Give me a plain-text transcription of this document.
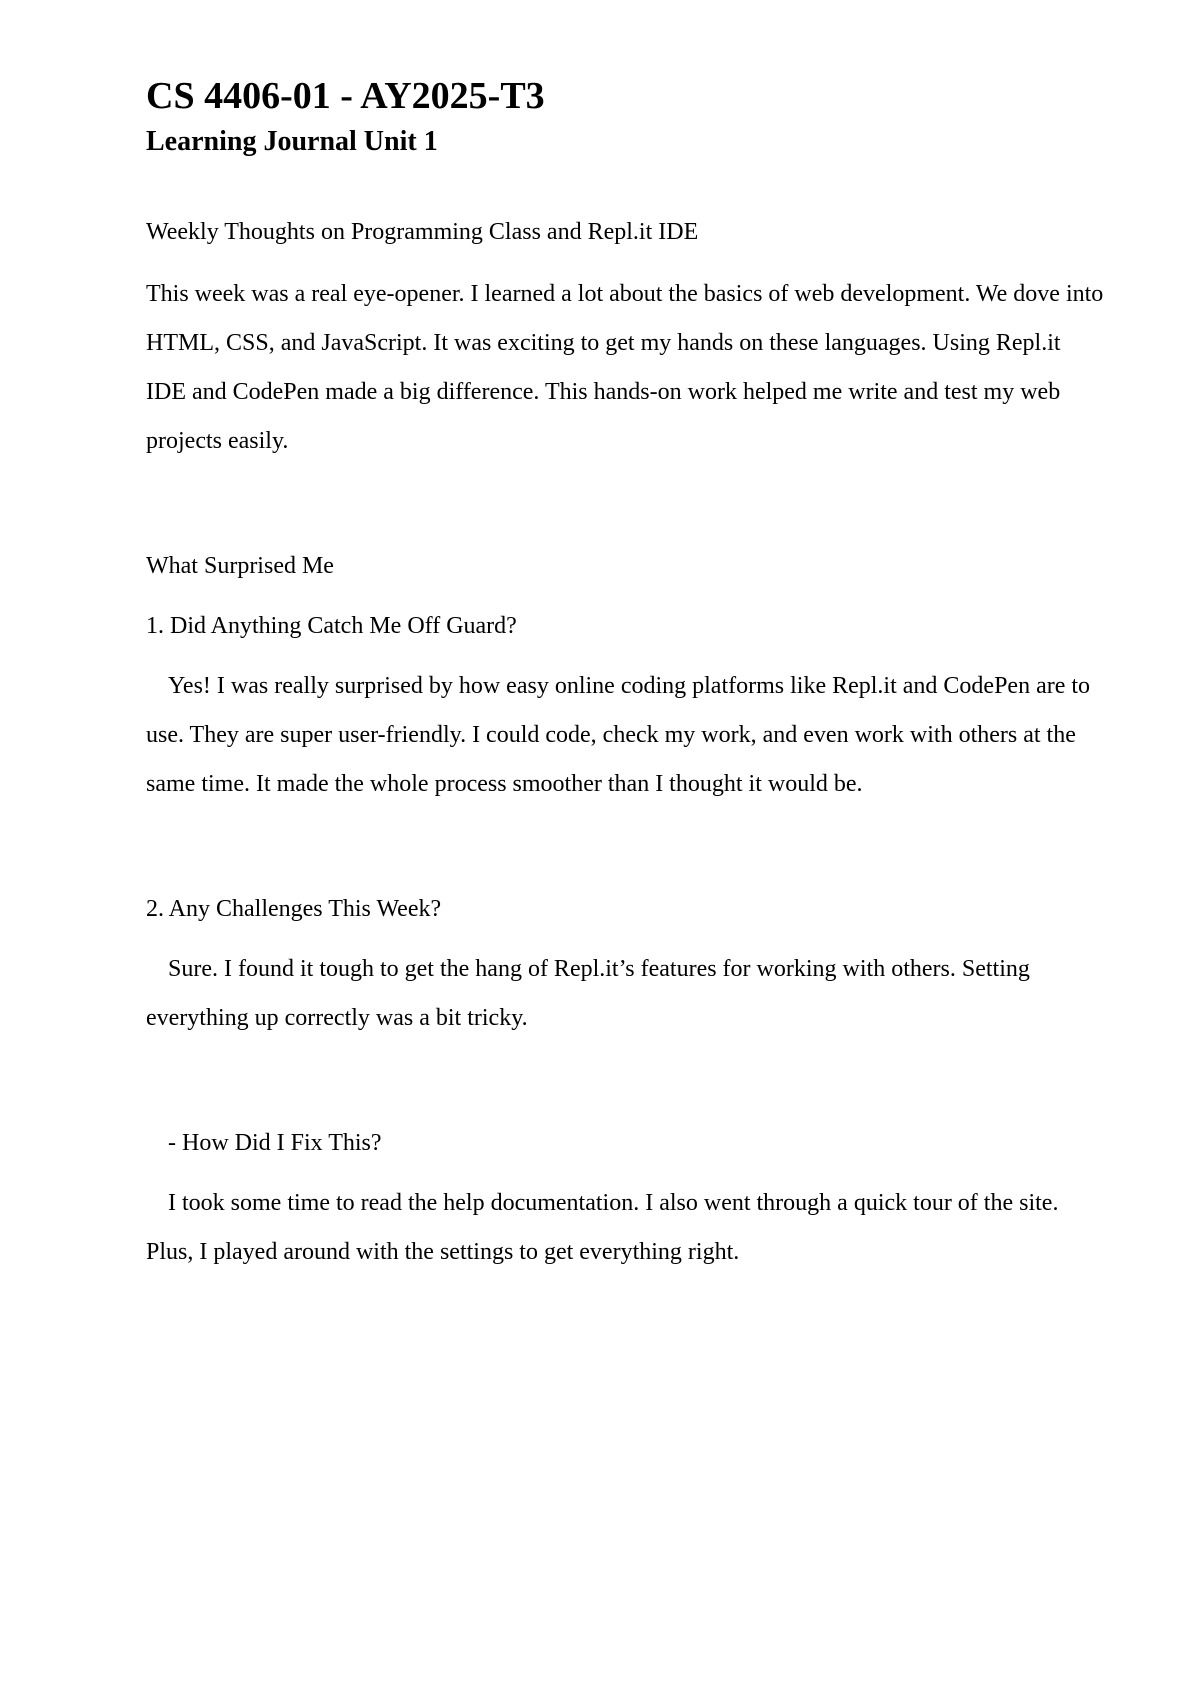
CS 4406-01 - AY2025-T3
Learning Journal Unit 1

Weekly Thoughts on Programming Class and Repl.it IDE

This week was a real eye-opener. I learned a lot about the basics of web development. We dove into HTML, CSS, and JavaScript. It was exciting to get my hands on these languages. Using Repl.it IDE and CodePen made a big difference. This hands-on work helped me write and test my web projects easily.

What Surprised Me

1. Did Anything Catch Me Off Guard?

Yes! I was really surprised by how easy online coding platforms like Repl.it and CodePen are to use. They are super user-friendly. I could code, check my work, and even work with others at the same time. It made the whole process smoother than I thought it would be.

2. Any Challenges This Week?

Sure. I found it tough to get the hang of Repl.it’s features for working with others. Setting everything up correctly was a bit tricky.

- How Did I Fix This?

I took some time to read the help documentation. I also went through a quick tour of the site. Plus, I played around with the settings to get everything right.
